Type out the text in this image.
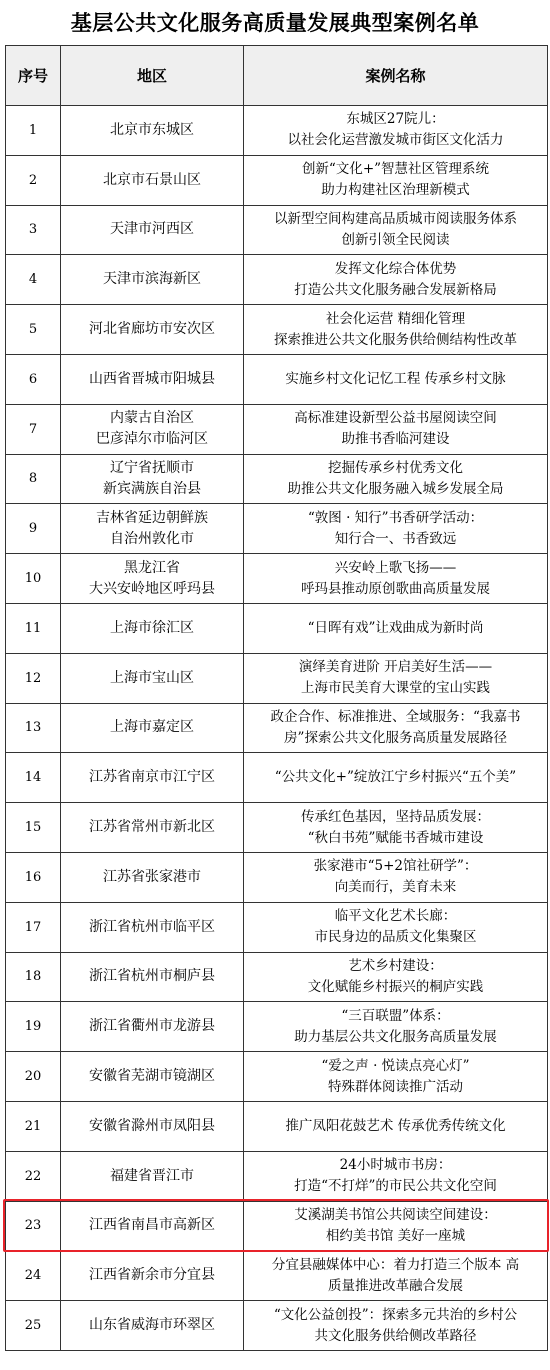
基层公共文化服务高质量发展典型案例名单
序号	地区	案例名称
1	北京市东城区	东城区27院儿：
以社会化运营激发城市街区文化活力

2	北京市石景山区	创新“文化+”智慧社区管理系统
助力构建社区治理新模式

3	天津市河西区	以新型空间构建高品质城市阅读服务体系
创新引领全民阅读

4	天津市滨海新区	发挥文化综合体优势
打造公共文化服务融合发展新格局

5	河北省廊坊市安次区	社会化运营 精细化管理
探索推进公共文化服务供给侧结构性改革

6	山西省晋城市阳城县	实施乡村文化记忆工程 传承乡村文脉

7	内蒙古自治区
巴彦淖尔市临河区	高标准建设新型公益书屋阅读空间
助推书香临河建设

8	辽宁省抚顺市
新宾满族自治县	挖掘传承乡村优秀文化
助推公共文化服务融入城乡发展全局

9	吉林省延边朝鲜族
自治州敦化市	“敦图 · 知行”书香研学活动：
知行合一、书香致远

10	黑龙江省
大兴安岭地区呼玛县	兴安岭上歌飞扬——
呼玛县推动原创歌曲高质量发展

11	上海市徐汇区	“日晖有戏”让戏曲成为新时尚

12	上海市宝山区	演绎美育进阶 开启美好生活——
上海市民美育大课堂的宝山实践

13	上海市嘉定区	政企合作、标准推进、全域服务：“我嘉书
房”探索公共文化服务高质量发展路径

14	江苏省南京市江宁区	“公共文化+”绽放江宁乡村振兴“五个美”

15	江苏省常州市新北区	传承红色基因，坚持品质发展：
“秋白书苑”赋能书香城市建设

16	江苏省张家港市	张家港市“5+2馆社研学”：
向美而行，美育未来

17	浙江省杭州市临平区	临平文化艺术长廊：
市民身边的品质文化集聚区

18	浙江省杭州市桐庐县	艺术乡村建设：
文化赋能乡村振兴的桐庐实践

19	浙江省衢州市龙游县	“三百联盟”体系：
助力基层公共文化服务高质量发展

20	安徽省芜湖市镜湖区	“爱之声 · 悦读点亮心灯”
特殊群体阅读推广活动

21	安徽省滁州市凤阳县	推广凤阳花鼓艺术 传承优秀传统文化

22	福建省晋江市	24小时城市书房：
打造“不打烊”的市民公共文化空间

23	江西省南昌市高新区	艾溪湖美书馆公共阅读空间建设：
相约美书馆 美好一座城

24	江西省新余市分宜县	分宜县融媒体中心：着力打造三个版本 高
质量推进改革融合发展

25	山东省威海市环翠区	“文化公益创投”：探索多元共治的乡村公
共文化服务供给侧改革路径
